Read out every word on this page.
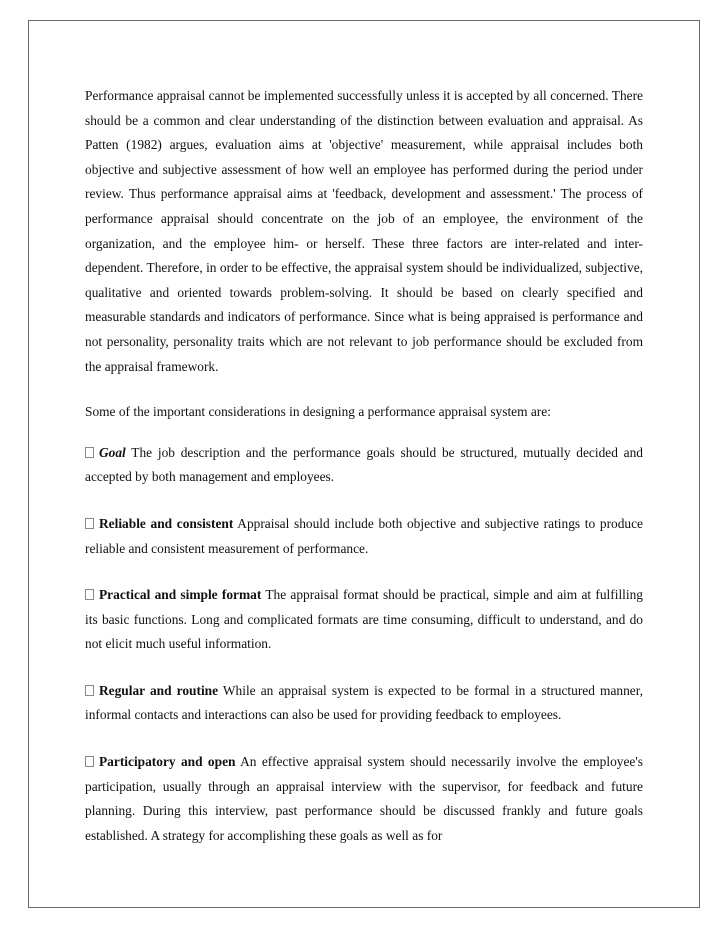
Performance appraisal cannot be implemented successfully unless it is accepted by all concerned. There should be a common and clear understanding of the distinction between evaluation and appraisal. As Patten (1982) argues, evaluation aims at 'objective' measurement, while appraisal includes both objective and subjective assessment of how well an employee has performed during the period under review. Thus performance appraisal aims at 'feedback, development and assessment.' The process of performance appraisal should concentrate on the job of an employee, the environment of the organization, and the employee him- or herself. These three factors are inter-related and inter-dependent. Therefore, in order to be effective, the appraisal system should be individualized, subjective, qualitative and oriented towards problem-solving. It should be based on clearly specified and measurable standards and indicators of performance. Since what is being appraised is performance and not personality, personality traits which are not relevant to job performance should be excluded from the appraisal framework.

Some of the important considerations in designing a performance appraisal system are:

Goal The job description and the performance goals should be structured, mutually decided and accepted by both management and employees.

Reliable and consistent Appraisal should include both objective and subjective ratings to produce reliable and consistent measurement of performance.

Practical and simple format The appraisal format should be practical, simple and aim at fulfilling its basic functions. Long and complicated formats are time consuming, difficult to understand, and do not elicit much useful information.

Regular and routine While an appraisal system is expected to be formal in a structured manner, informal contacts and interactions can also be used for providing feedback to employees.

Participatory and open An effective appraisal system should necessarily involve the employee's participation, usually through an appraisal interview with the supervisor, for feedback and future planning. During this interview, past performance should be discussed frankly and future goals established. A strategy for accomplishing these goals as well as for
